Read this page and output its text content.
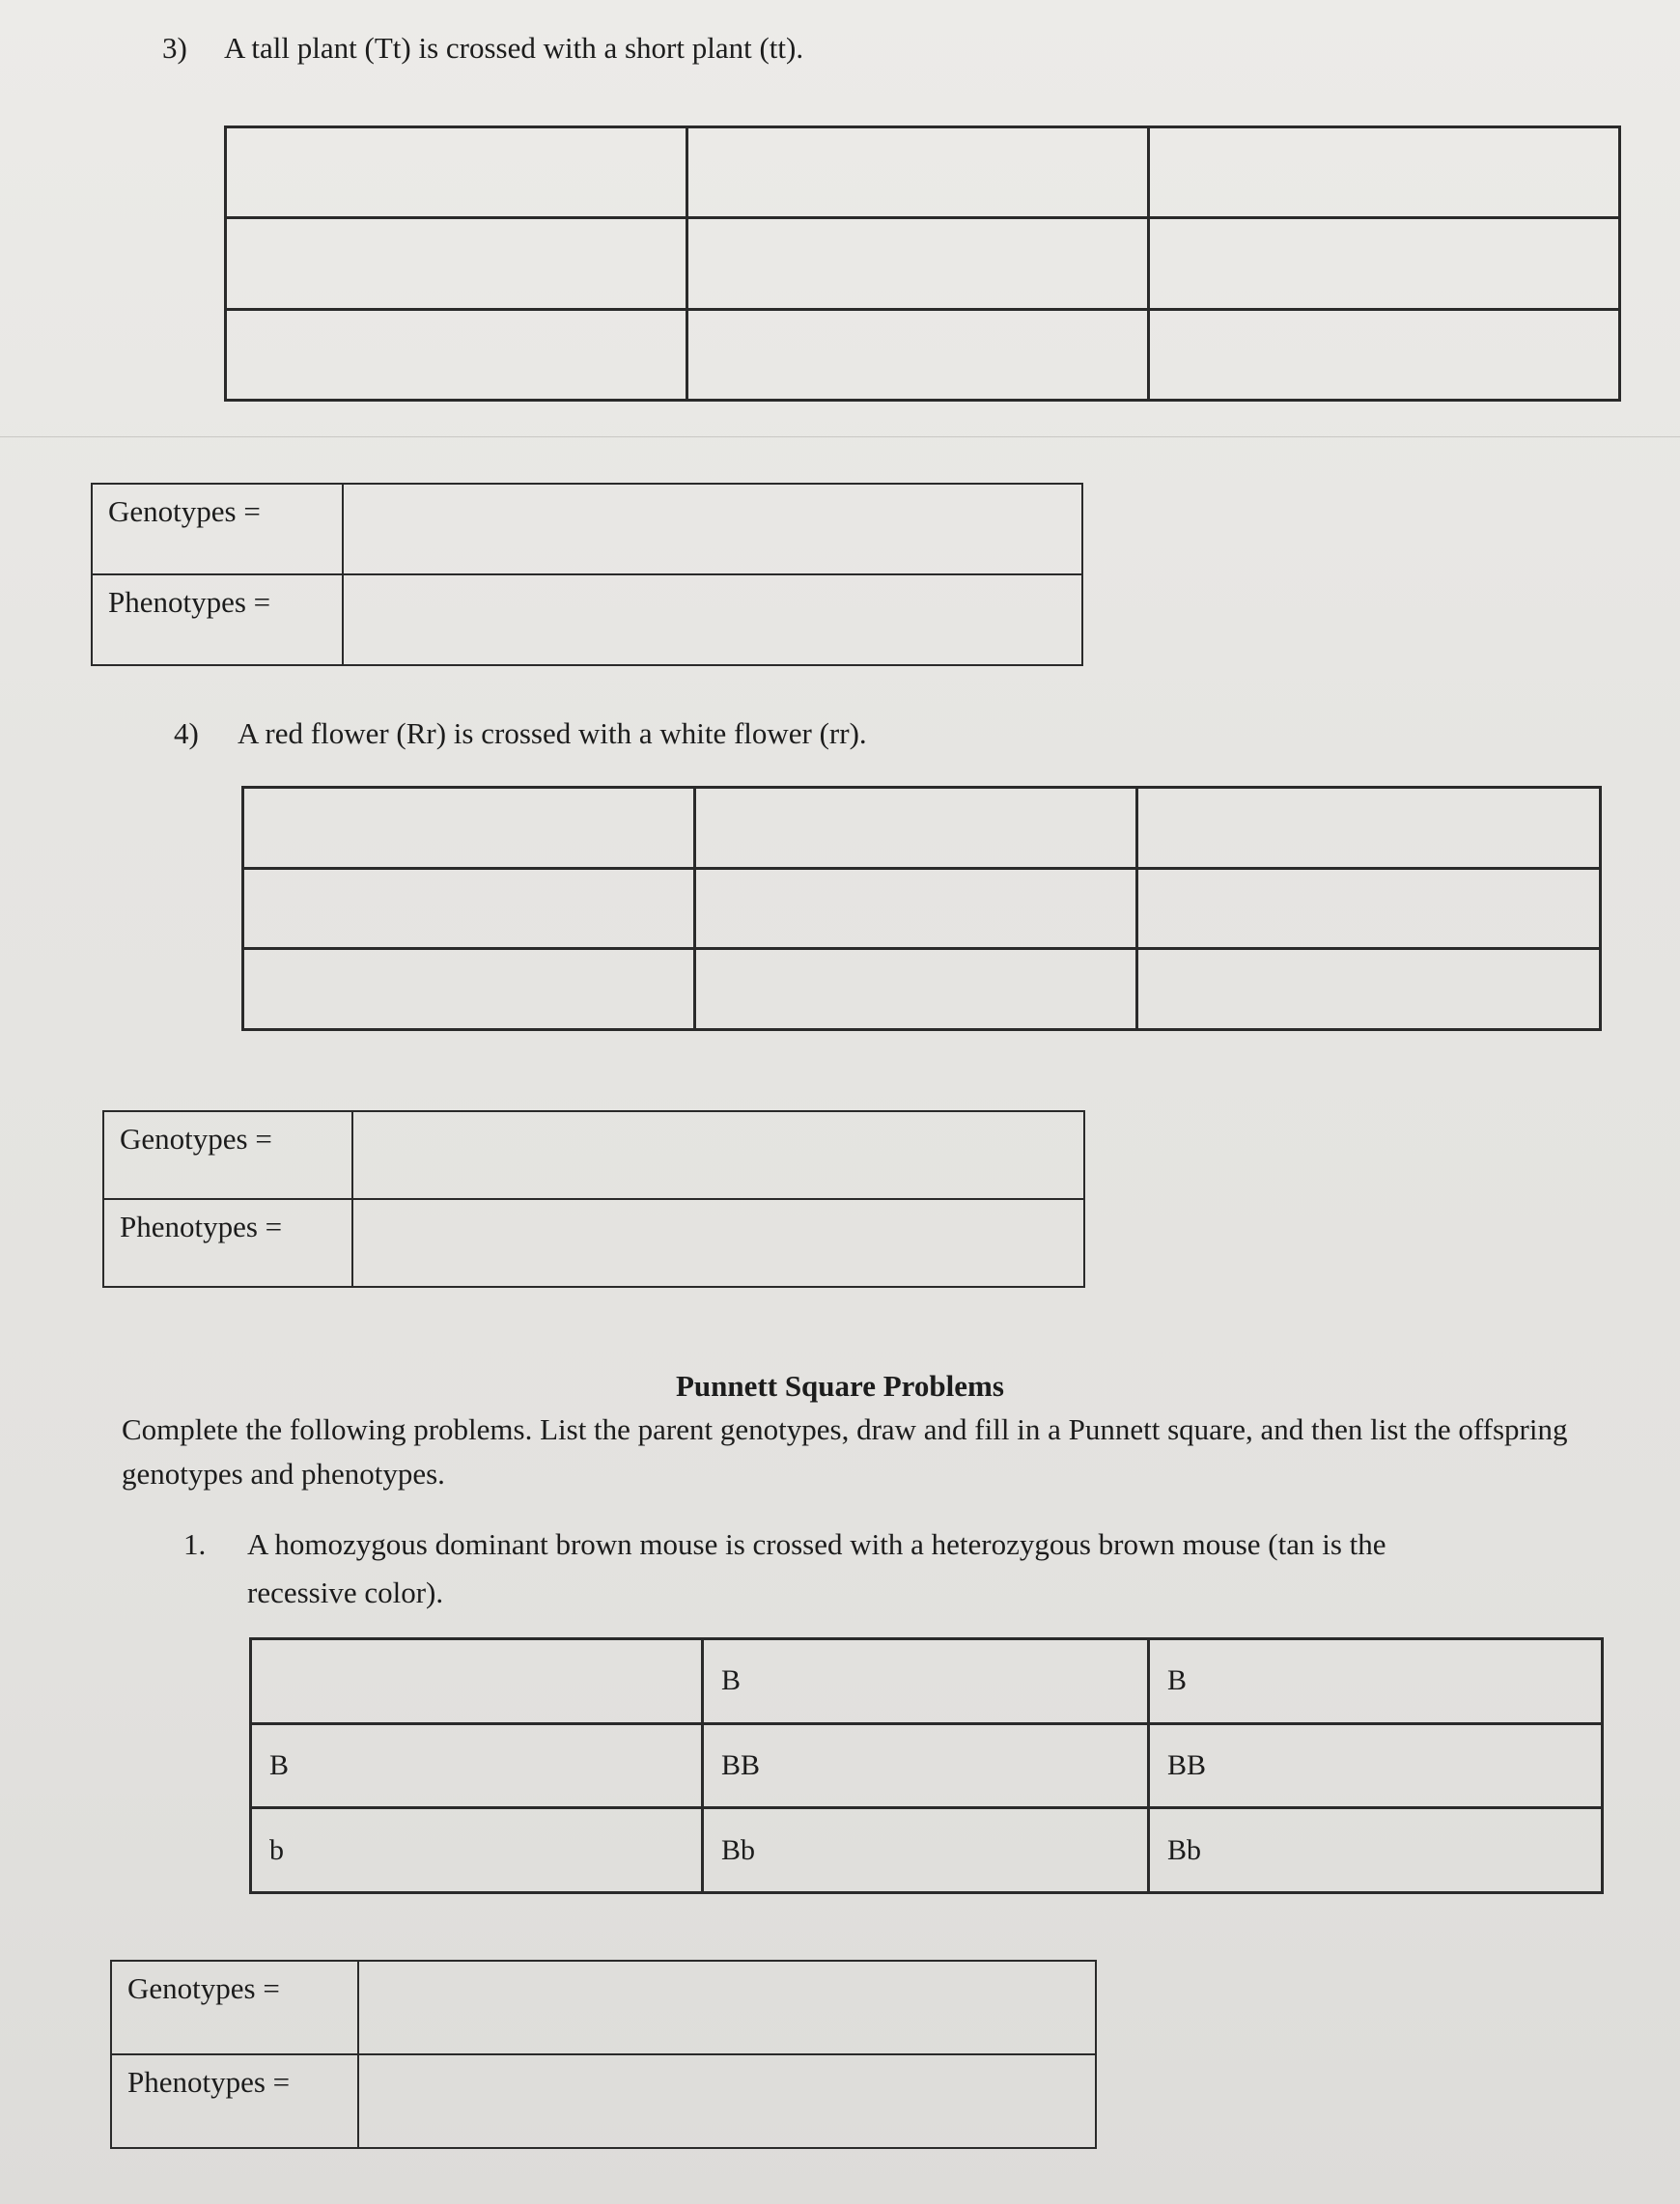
3) A tall plant (Tt) is crossed with a short plant (tt).

Genotypes =	
Phenotypes =	
4) A red flower (Rr) is crossed with a white flower (rr).

Genotypes =	
Phenotypes =	
Punnett Square Problems
Complete the following problems. List the parent genotypes, draw and fill in a Punnett square, and then list the offspring genotypes and phenotypes.
1. A homozygous dominant brown mouse is crossed with a heterozygous brown mouse (tan is the
recessive color).
	B	B
B	BB	BB
b	Bb	Bb
Genotypes =	
Phenotypes =	
